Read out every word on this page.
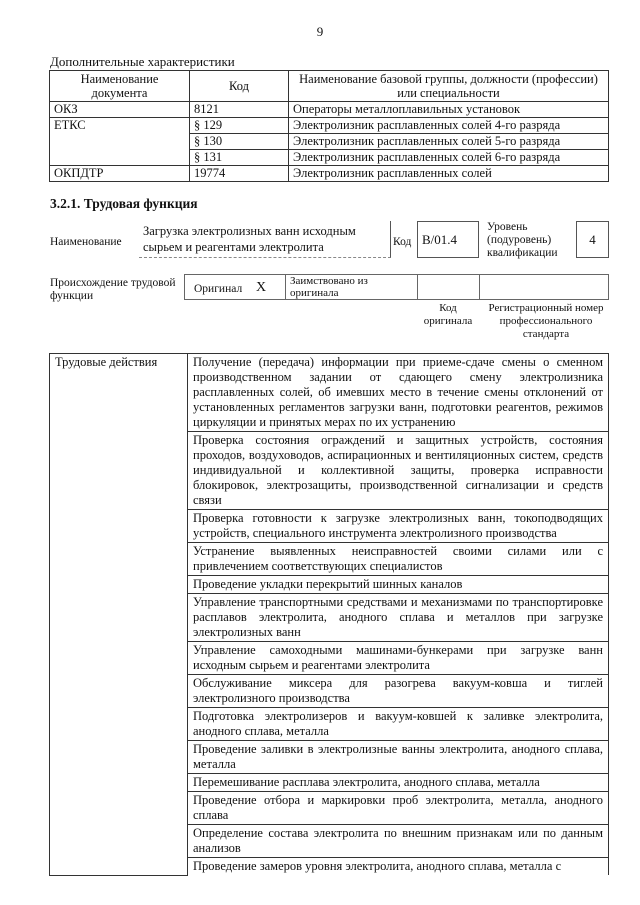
9
Дополнительные характеристики
Наименование документа	Код	Наименование базовой группы, должности (профессии) или специальности
ОКЗ	8121	Операторы металлоплавильных установок
ЕТКС	§ 129	Электролизник расплавленных солей 4-го разряда
	§ 130	Электролизник расплавленных солей 5-го разряда
	§ 131	Электролизник расплавленных солей 6-го разряда
ОКПДТР	19774	Электролизник расплавленных солей
3.2.1. Трудовая функция
Наименование
Загрузка электролизных ванн исходным сырьем и реагентами электролита	Код B/01.4
Уровень (подуровень) квалификации
4
Происхождение трудовой функции
Оригинал X Заимствовано из оригинала
Код оригинала
Регистрационный номер профессионального стандарта
Трудовые действия	Получение (передача) информации при приеме-сдаче смены о сменном производственном задании от сдающего смену электролизника расплавленных солей, об имевших место в течение смены отклонений от установленных регламентов загрузки ванн, подготовки реагентов, режимов циркуляции и принятых мерах по их устранению
Проверка состояния ограждений и защитных устройств, состояния проходов, воздуховодов, аспирационных и вентиляционных систем, средств индивидуальной и коллективной защиты, проверка исправности блокировок, электрозащиты, производственной сигнализации и средств связи
Проверка готовности к загрузке электролизных ванн, токоподводящих устройств, специального инструмента электролизного производства
Устранение выявленных неисправностей своими силами или с привлечением соответствующих специалистов
Проведение укладки перекрытий шинных каналов
Управление транспортными средствами и механизмами по транспортировке расплавов электролита, анодного сплава и металлов при загрузке электролизных ванн
Управление самоходными машинами-бункерами при загрузке ванн исходным сырьем и реагентами электролита
Обслуживание миксера для разогрева вакуум-ковша и тиглей электролизного производства
Подготовка электролизеров и вакуум-ковшей к заливке электролита, анодного сплава, металла
Проведение заливки в электролизные ванны электролита, анодного сплава, металла
Перемешивание расплава электролита, анодного сплава, металла
Проведение отбора и маркировки проб электролита, металла, анодного сплава
Определение состава электролита по внешним признакам или по данным анализов
Проведение замеров уровня электролита, анодного сплава, металла с
